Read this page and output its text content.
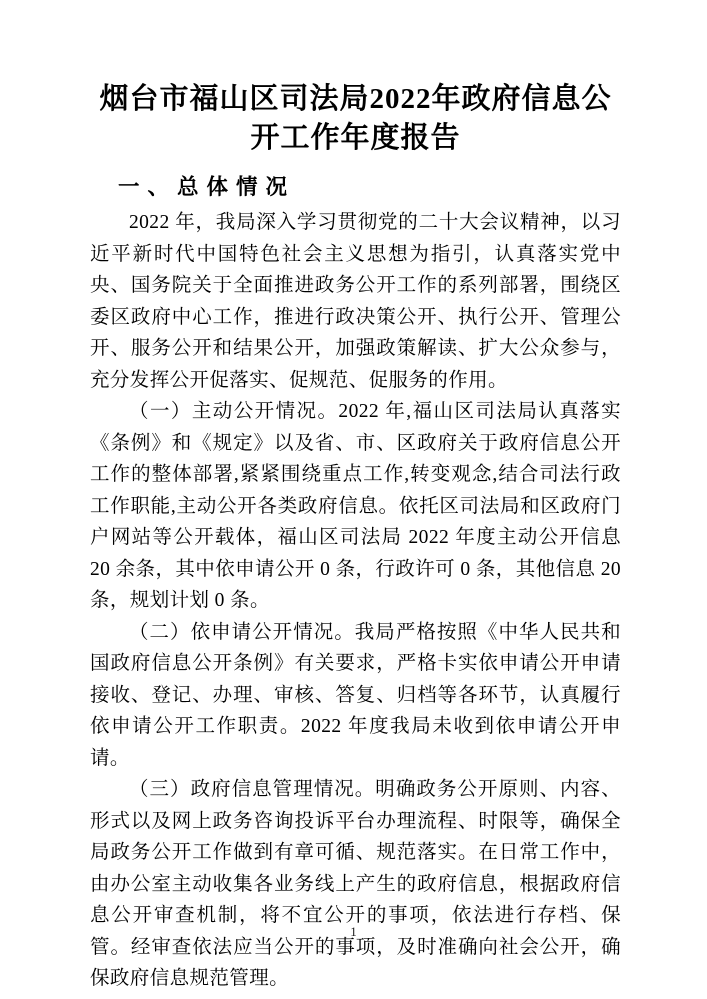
烟台市福山区司法局2022年政府信息公开工作年度报告
一、总体情况

2022 年，我局深入学习贯彻党的二十大会议精神，以习近平新时代中国特色社会主义思想为指引，认真落实党中央、国务院关于全面推进政务公开工作的系列部署，围绕区委区政府中心工作，推进行政决策公开、执行公开、管理公开、服务公开和结果公开，加强政策解读、扩大公众参与，充分发挥公开促落实、促规范、促服务的作用。

（一）主动公开情况。2022 年,福山区司法局认真落实《条例》和《规定》以及省、市、区政府关于政府信息公开工作的整体部署,紧紧围绕重点工作,转变观念,结合司法行政工作职能,主动公开各类政府信息。依托区司法局和区政府门户网站等公开载体，福山区司法局 2022 年度主动公开信息 20 余条，其中依申请公开 0 条，行政许可 0 条，其他信息 20 条，规划计划 0 条。

（二）依申请公开情况。我局严格按照《中华人民共和国政府信息公开条例》有关要求，严格卡实依申请公开申请接收、登记、办理、审核、答复、归档等各环节，认真履行依申请公开工作职责。2022 年度我局未收到依申请公开申请。

（三）政府信息管理情况。明确政务公开原则、内容、形式以及网上政务咨询投诉平台办理流程、时限等，确保全局政务公开工作做到有章可循、规范落实。在日常工作中，由办公室主动收集各业务线上产生的政府信息，根据政府信息公开审查机制，将不宜公开的事项，依法进行存档、保管。经审查依法应当公开的事项，及时准确向社会公开，确保政府信息规范管理。

1
